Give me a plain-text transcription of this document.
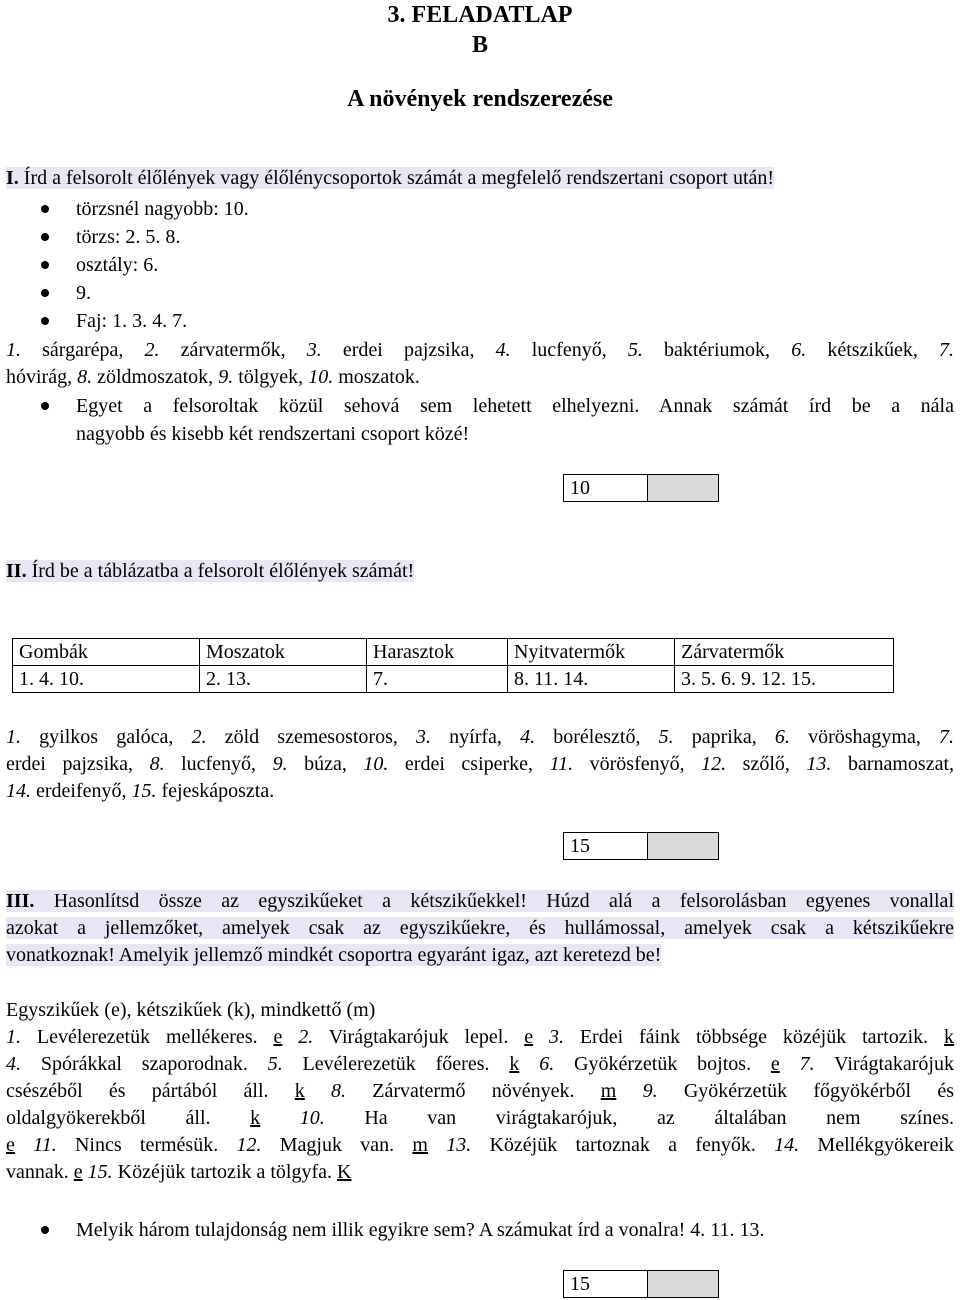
3. FELADATLAP
B
A növények rendszerezése
I. Írd a felsorolt élőlények vagy élőlénycsoportok számát a megfelelő rendszertani csoport után!
törzsnél nagyobb: 10.
törzs: 2. 5. 8.
osztály: 6.
9.
Faj: 1. 3. 4. 7.
1. sárgarépa, 2. zárvatermők, 3. erdei pajzsika, 4. lucfenyő, 5. baktériumok, 6. kétszikűek, 7.
hóvirág, 8. zöldmoszatok, 9. tölgyek, 10. moszatok.
Egyet a felsoroltak közül sehová sem lehetett elhelyezni. Annak számát írd be a nála
nagyobb és kisebb két rendszertani csoport közé!
10
II. Írd be a táblázatba a felsorolt élőlények számát!
Gombák	Moszatok	Harasztok	Nyitvatermők	Zárvatermők
1. 4. 10.	2. 13.	7.	8. 11. 14.	3. 5. 6. 9. 12. 15.
1. gyilkos galóca, 2. zöld szemesostoros, 3. nyírfa, 4. borélesztő, 5. paprika, 6. vöröshagyma, 7.
erdei pajzsika, 8. lucfenyő, 9. búza, 10. erdei csiperke, 11. vörösfenyő, 12. szőlő, 13. barnamoszat,
14. erdeifenyő, 15. fejeskáposzta.
15
III. Hasonlítsd össze az egyszikűeket a kétszikűekkel! Húzd alá a felsorolásban egyenes vonallal
azokat a jellemzőket, amelyek csak az egyszikűekre, és hullámossal, amelyek csak a kétszikűekre
vonatkoznak! Amelyik jellemző mindkét csoportra egyaránt igaz, azt keretezd be!
Egyszikűek (e), kétszikűek (k), mindkettő (m)
1. Levélerezetük mellékeres. e 2. Virágtakarójuk lepel. e 3. Erdei fáink többsége közéjük tartozik. k
4. Spórákkal szaporodnak. 5. Levélerezetük főeres. k 6. Gyökérzetük bojtos. e 7. Virágtakarójuk
csészéből és pártából áll. k 8. Zárvatermő növények. m 9. Gyökérzetük főgyökérből és
oldalgyökerekből áll. k 10. Ha van virágtakarójuk, az általában nem színes.
e 11. Nincs termésük. 12. Magjuk van. m 13. Közéjük tartoznak a fenyők. 14. Mellékgyökereik
vannak. e 15. Közéjük tartozik a tölgyfa. K
Melyik három tulajdonság nem illik egyikre sem? A számukat írd a vonalra! 4. 11. 13.
15
